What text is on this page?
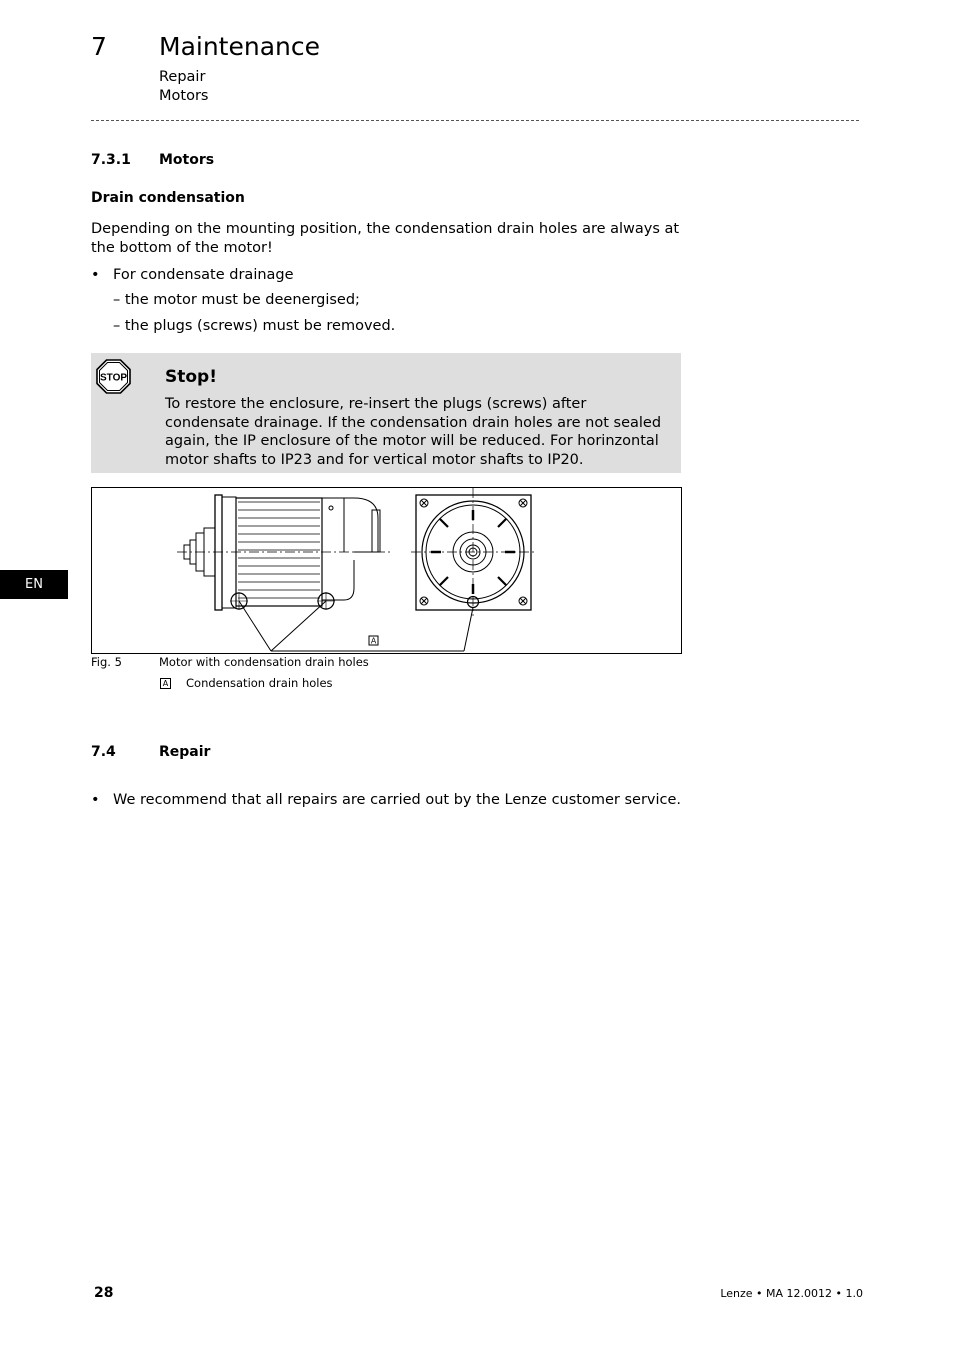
7 Maintenance
Repair
Motors
7.3.1 Motors
Drain condensation
Depending on the mounting position, the condensation drain holes are always at the bottom of the motor!
• For condensate drainage
– the motor must be deenergised;
– the plugs (screws) must be removed.
STOP Stop!
To restore the enclosure, re-insert the plugs (screws) after condensate drainage. If the condensation drain holes are not sealed again, the IP enclosure of the motor will be reduced. For horinzontal motor shafts to IP23 and for vertical motor shafts to IP20.
A
Fig. 5	Motor with condensation drain holes
A Condensation drain holes
7.4	Repair
• We recommend that all repairs are carried out by the Lenze customer service.
EN
28	Lenze • MA 12.0012 • 1.0
